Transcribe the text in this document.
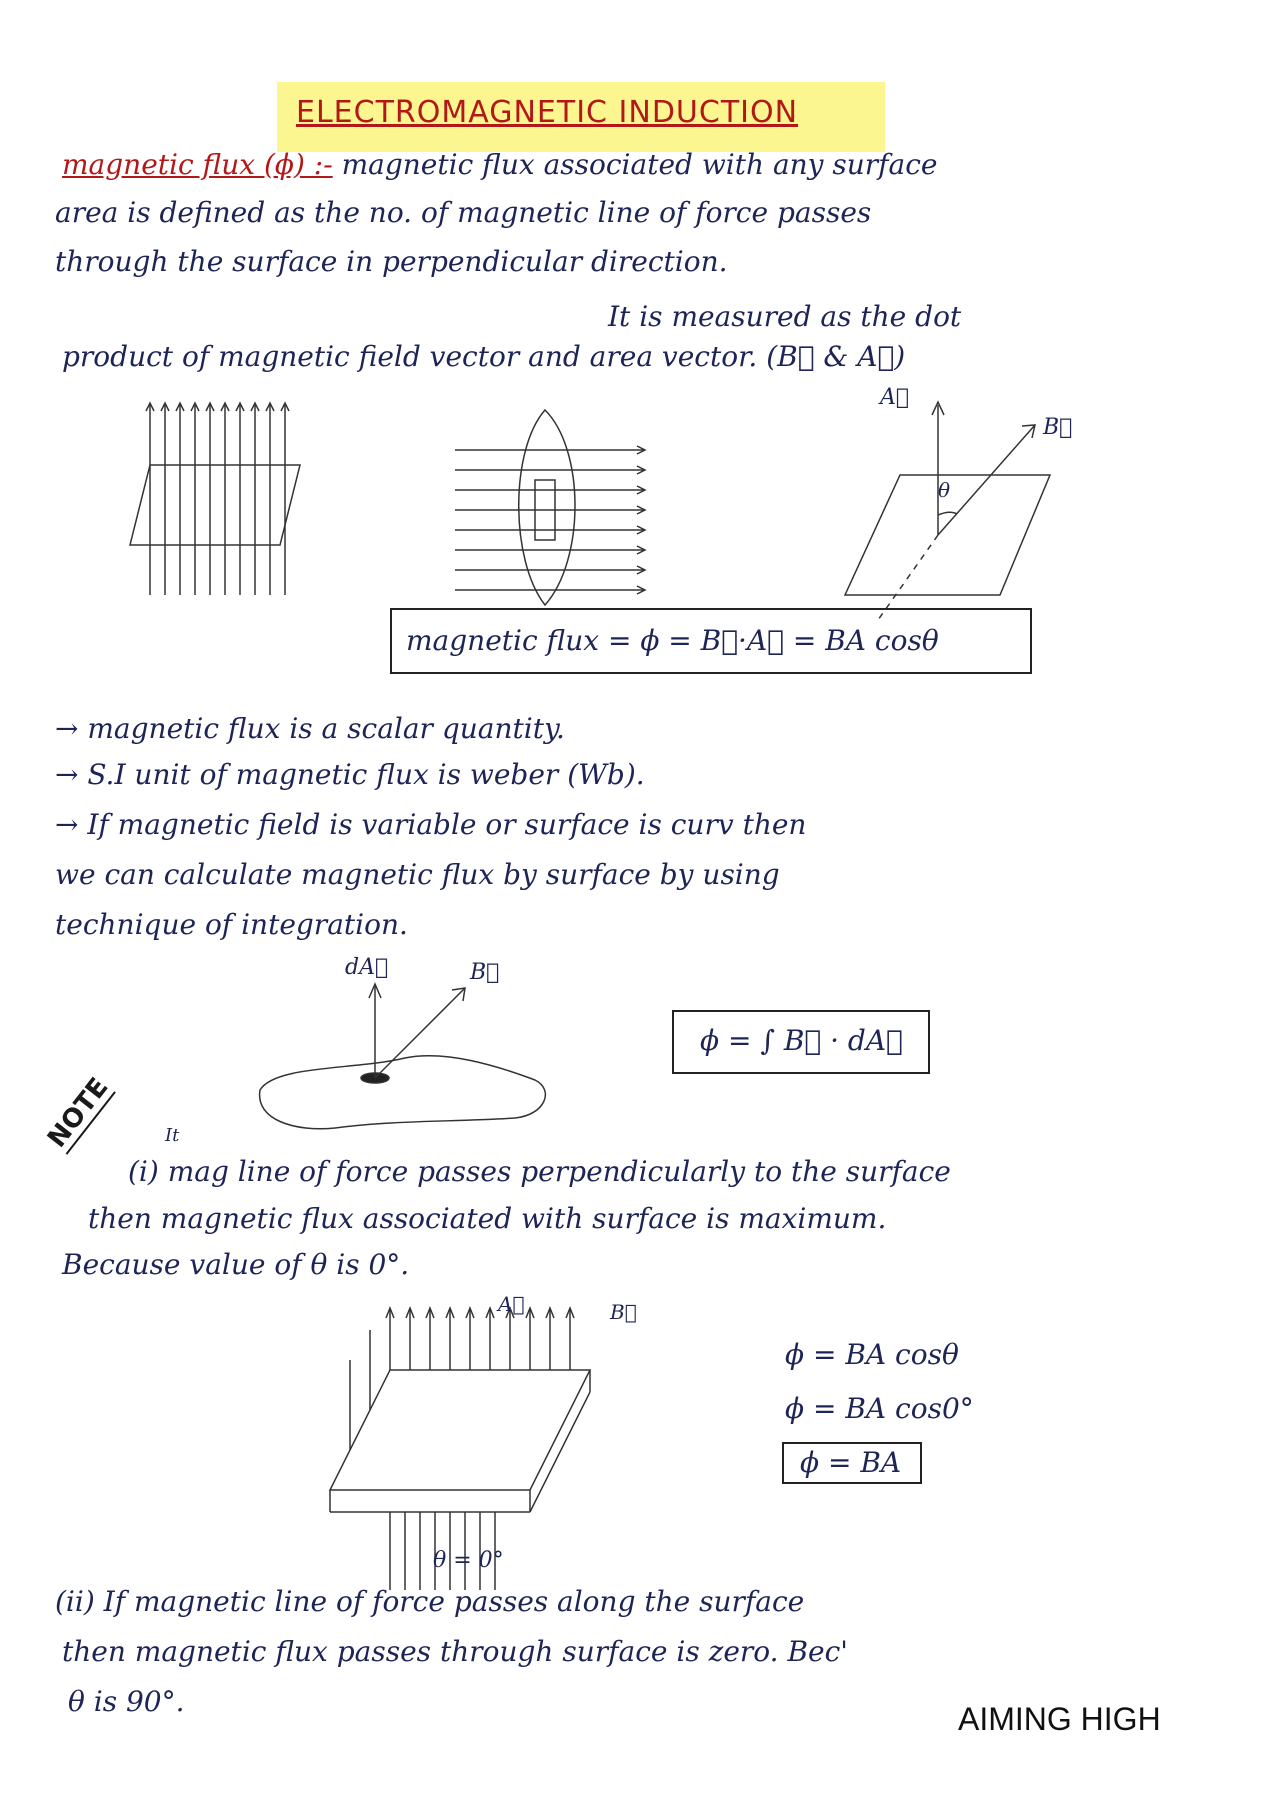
ELECTROMAGNETIC INDUCTION
magnetic flux (ϕ) :- magnetic flux associated with any surface
area is defined as the no. of magnetic line of force passes
through the surface in perpendicular direction.
It is measured as the dot
product of magnetic field vector and area vector. (B⃗ & A⃗)
A⃗
B⃗
θ
magnetic flux = ϕ = B⃗·A⃗ = BA cosθ
→ magnetic flux is a scalar quantity.
→ S.I unit of magnetic flux is weber (Wb).
→ If magnetic field is variable or surface is curv then
we can calculate magnetic flux by surface by using
technique of integration.
dA⃗	B⃗
ϕ = ∫ B⃗ · dA⃗
NOTE	It
(i) mag line of force passes perpendicularly to the surface
then magnetic flux associated with surface is maximum.
Because value of θ is 0°.
A⃗	B⃗
θ = 0°
ϕ = BA cosθ
ϕ = BA cos0°
ϕ = BA
(ii) If magnetic line of force passes along the surface
then magnetic flux passes through surface is zero. Bec'
θ is 90°.	AIMING HIGH
